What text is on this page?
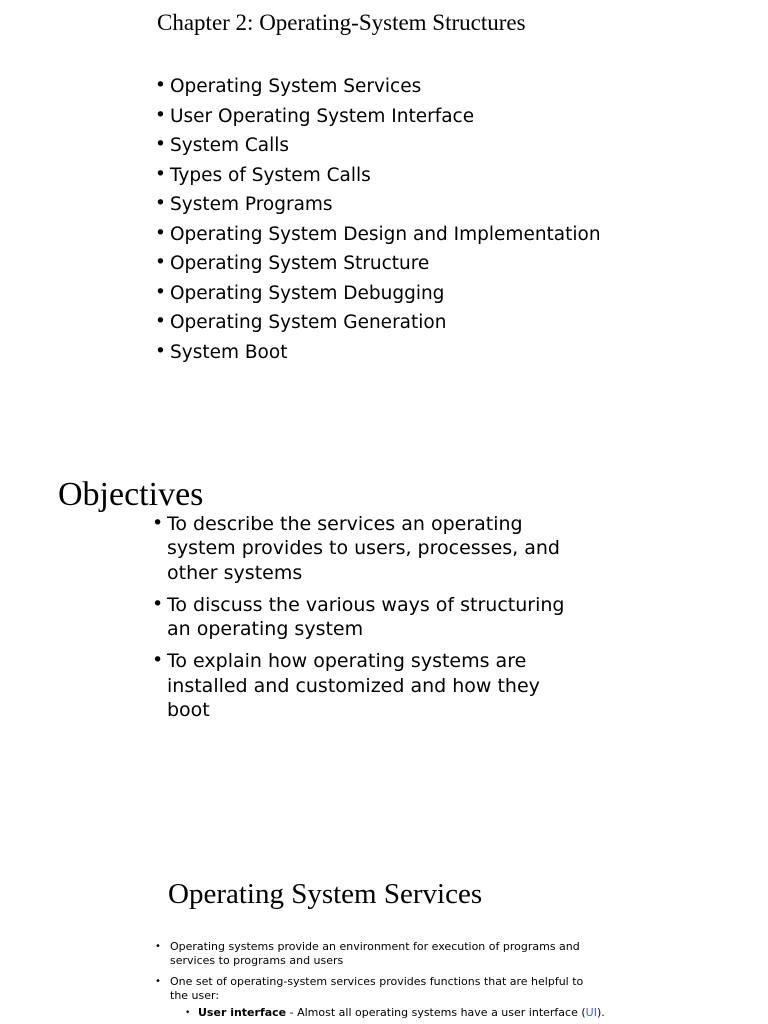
Chapter 2: Operating-System Structures
• Operating System Services
• User Operating System Interface
• System Calls
• Types of System Calls
• System Programs
• Operating System Design and Implementation
• Operating System Structure
• Operating System Debugging
• Operating System Generation
• System Boot
Objectives
• To describe the services an operating system provides to users, processes, and other systems
• To discuss the various ways of structuring an operating system
• To explain how operating systems are installed and customized and how they boot
Operating System Services
• Operating systems provide an environment for execution of programs and services to programs and users
• One set of operating-system services provides functions that are helpful to the user:
• User interface - Almost all operating systems have a user interface (UI).
